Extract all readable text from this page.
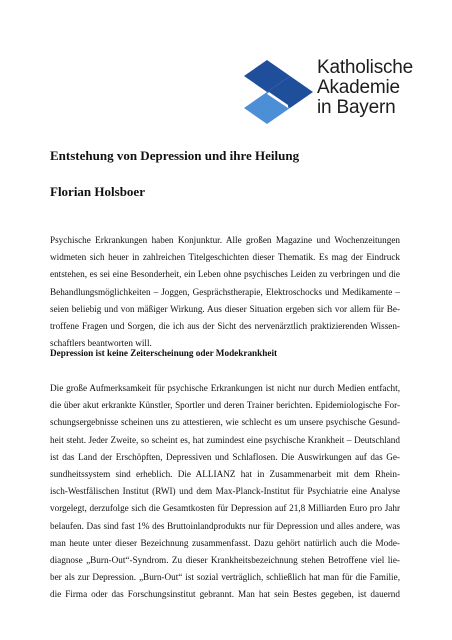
Katholische
Akademie
in Bayern
Entstehung von Depression und ihre Heilung
Florian Holsboer

Psychische Erkrankungen haben Konjunktur. Alle großen Magazine und Wochenzeitungen
widmeten sich heuer in zahlreichen Titelgeschichten dieser Thematik. Es mag der Eindruck
entstehen, es sei eine Besonderheit, ein Leben ohne psychisches Leiden zu verbringen und die
Behandlungsmöglichkeiten – Joggen, Gesprächstherapie, Elektroschocks und Medikamente –
seien beliebig und von mäßiger Wirkung. Aus dieser Situation ergeben sich vor allem für Be-
troffene Fragen und Sorgen, die ich aus der Sicht des nervenärztlich praktizierenden Wissen-
schaftlers beantworten will.

Depression ist keine Zeiterscheinung oder Modekrankheit

Die große Aufmerksamkeit für psychische Erkrankungen ist nicht nur durch Medien entfacht,
die über akut erkrankte Künstler, Sportler und deren Trainer berichten. Epidemiologische For-
schungsergebnisse scheinen uns zu attestieren, wie schlecht es um unsere psychische Gesund-
heit steht. Jeder Zweite, so scheint es, hat zumindest eine psychische Krankheit – Deutschland
ist das Land der Erschöpften, Depressiven und Schlaflosen. Die Auswirkungen auf das Ge-
sundheitssystem sind erheblich. Die ALLIANZ hat in Zusammenarbeit mit dem Rhein-
isch-Westfälischen Institut (RWI) und dem Max-Planck-Institut für Psychiatrie eine Analyse
vorgelegt, derzufolge sich die Gesamtkosten für Depression auf 21,8 Milliarden Euro pro Jahr
belaufen. Das sind fast 1% des Bruttoinlandprodukts nur für Depression und alles andere, was
man heute unter dieser Bezeichnung zusammenfasst. Dazu gehört natürlich auch die Mode-
diagnose „Burn-Out“-Syndrom. Zu dieser Krankheitsbezeichnung stehen Betroffene viel lie-
ber als zur Depression. „Burn-Out“ ist sozial verträglich, schließlich hat man für die Familie,
die Firma oder das Forschungsinstitut gebrannt. Man hat sein Bestes gegeben, ist dauernd
